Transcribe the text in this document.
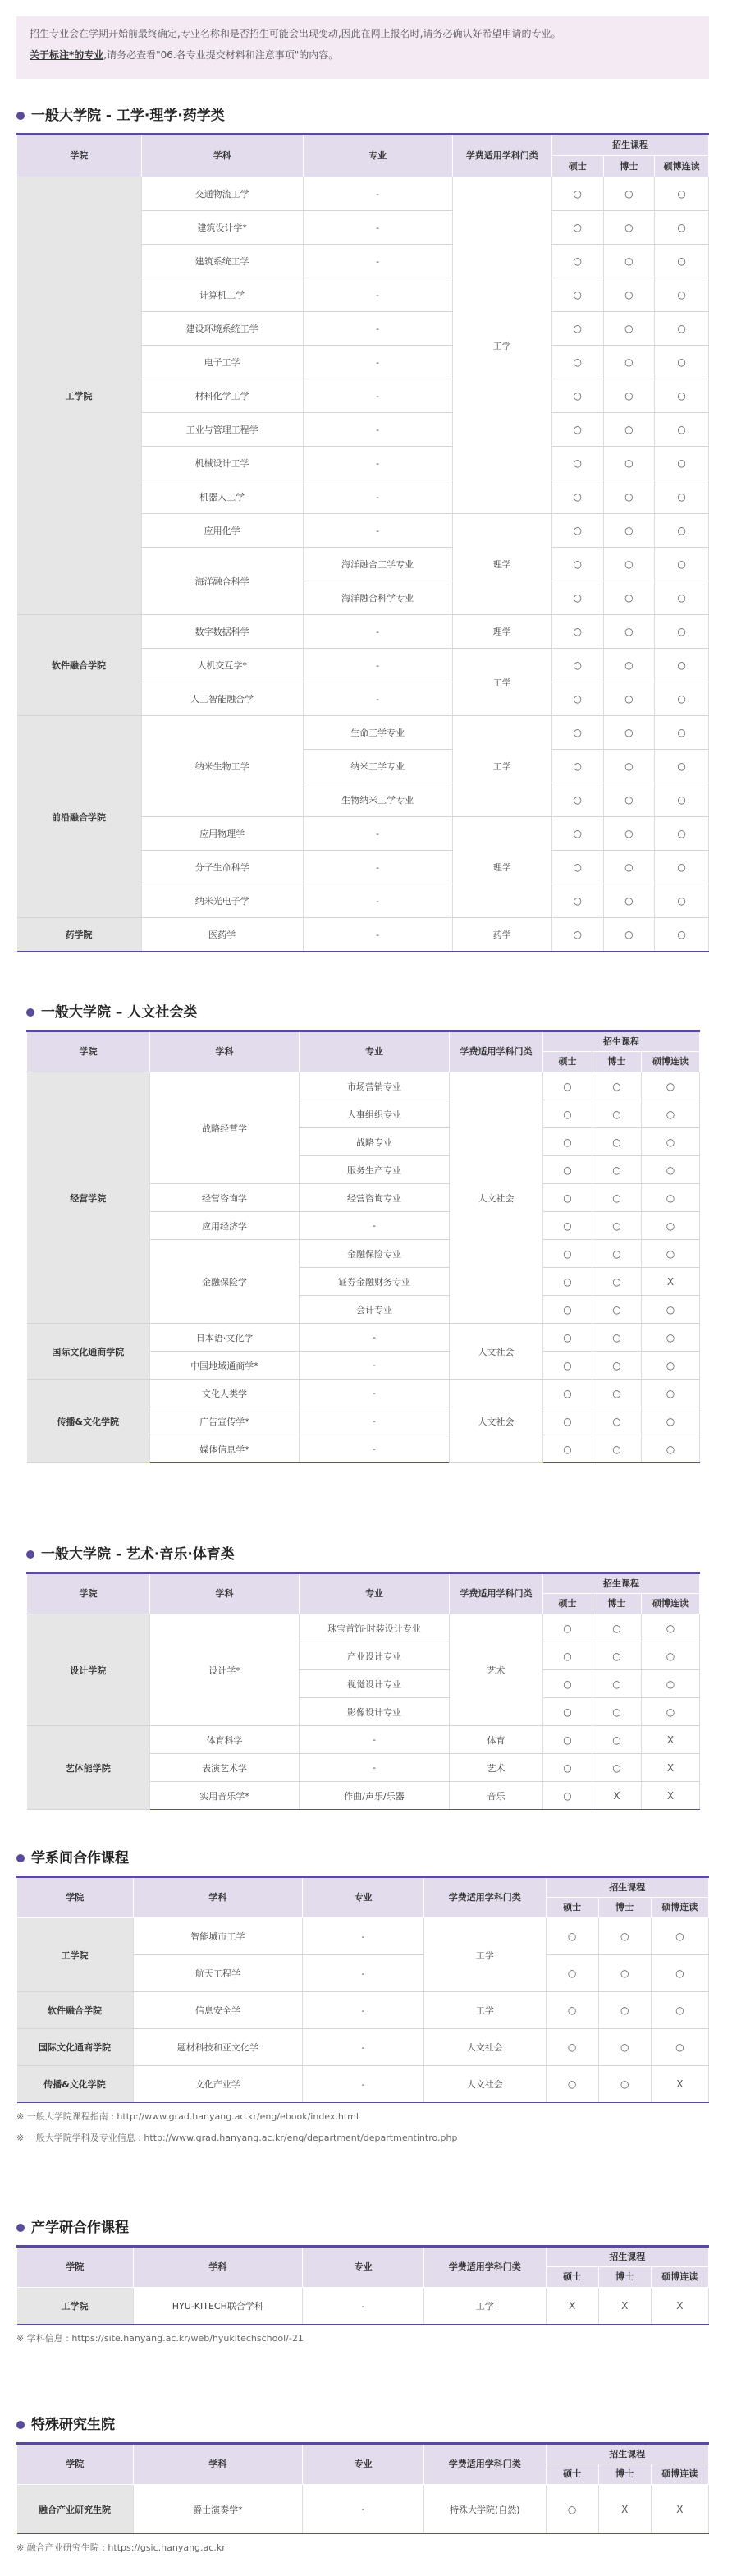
招生专业会在学期开始前最终确定,专业名称和是否招生可能会出现变动,因此在网上报名时,请务必确认好希望申请的专业。
关于标注*的专业,请务必查看"06.各专业提交材料和注意事项"的内容。
一般大学院 - 工学·理学·药学类
学院	学科	专业	学费适用学科门类	招生课程		
				硕士	博士	硕博连读
工学院	交通物流工学	-	工学	○	○	○
	建筑设计学*	-		○	○	○
	建筑系统工学	-		○	○	○
	计算机工学	-		○	○	○
	建设环境系统工学	-		○	○	○
	电子工学	-		○	○	○
	材料化学工学	-		○	○	○
	工业与管理工程学	-		○	○	○
	机械设计工学	-		○	○	○
	机器人工学	-		○	○	○
	应用化学	-	理学	○	○	○
	海洋融合科学	海洋融合工学专业		○	○	○
		海洋融合科学专业		○	○	○
软件融合学院	数字数据科学	-	理学	○	○	○
	人机交互学*	-	工学	○	○	○
	人工智能融合学	-		○	○	○
前沿融合学院	纳米生物工学	生命工学专业	工学	○	○	○
		纳米工学专业		○	○	○
		生物纳米工学专业		○	○	○
	应用物理学	-	理学	○	○	○
	分子生命科学	-		○	○	○
	纳米光电子学	-		○	○	○
药学院	医药学	-	药学	○	○	○
一般大学院 – 人文社会类
学院	学科	专业	学费适用学科门类	招生课程		
				硕士	博士	硕博连读
经营学院	战略经营学	市场营销专业	人文社会	○	○	○
		人事组织专业		○	○	○
		战略专业		○	○	○
		服务生产专业		○	○	○
	经营咨询学	经营咨询专业		○	○	○
	应用经济学	-		○	○	○
	金融保险学	金融保险专业		○	○	○
		证券金融财务专业		○	○	X
		会计专业		○	○	○
国际文化通商学院	日本语·文化学	-	人文社会	○	○	○
	中国地域通商学*	-		○	○	○
传播&文化学院	文化人类学	-	人文社会	○	○	○
	广告宣传学*	-		○	○	○
	媒体信息学*	-		○	○	○
一般大学院 - 艺术·音乐·体育类
学院	学科	专业	学费适用学科门类	招生课程		
				硕士	博士	硕博连读
设计学院	设计学*	珠宝首饰·时装设计专业	艺术	○	○	○
		产业设计专业		○	○	○
		视觉设计专业		○	○	○
		影像设计专业		○	○	○
艺体能学院	体育科学	-	体育	○	○	X
	表演艺术学	-	艺术	○	○	X
	实用音乐学*	作曲/声乐/乐器	音乐	○	X	X
学系间合作课程
学院	学科	专业	学费适用学科门类	招生课程		
				硕士	博士	硕博连读
工学院	智能城市工学	-	工学	○	○	○
	航天工程学	-		○	○	○
软件融合学院	信息安全学	-	工学	○	○	○
国际文化通商学院	题材科技和亚文化学	-	人文社会	○	○	○
传播&文化学院	文化产业学	-	人文社会	○	○	X
※ 一般大学院课程指南 : http://www.grad.hanyang.ac.kr/eng/ebook/index.html
※ 一般大学院学科及专业信息 : http://www.grad.hanyang.ac.kr/eng/department/departmentintro.php
产学研合作课程
学院	学科	专业	学费适用学科门类	招生课程		
				硕士	博士	硕博连读
工学院	HYU-KITECH联合学科	-	工学	X	X	X
※ 学科信息 : https://site.hanyang.ac.kr/web/hyukitechschool/-21
特殊研究生院
学院	学科	专业	学费适用学科门类	招生课程		
				硕士	博士	硕博连读
融合产业研究生院	爵士演奏学*	-	特殊大学院(自然)	○	X	X
※ 融合产业研究生院 : https://gsic.hanyang.ac.kr
